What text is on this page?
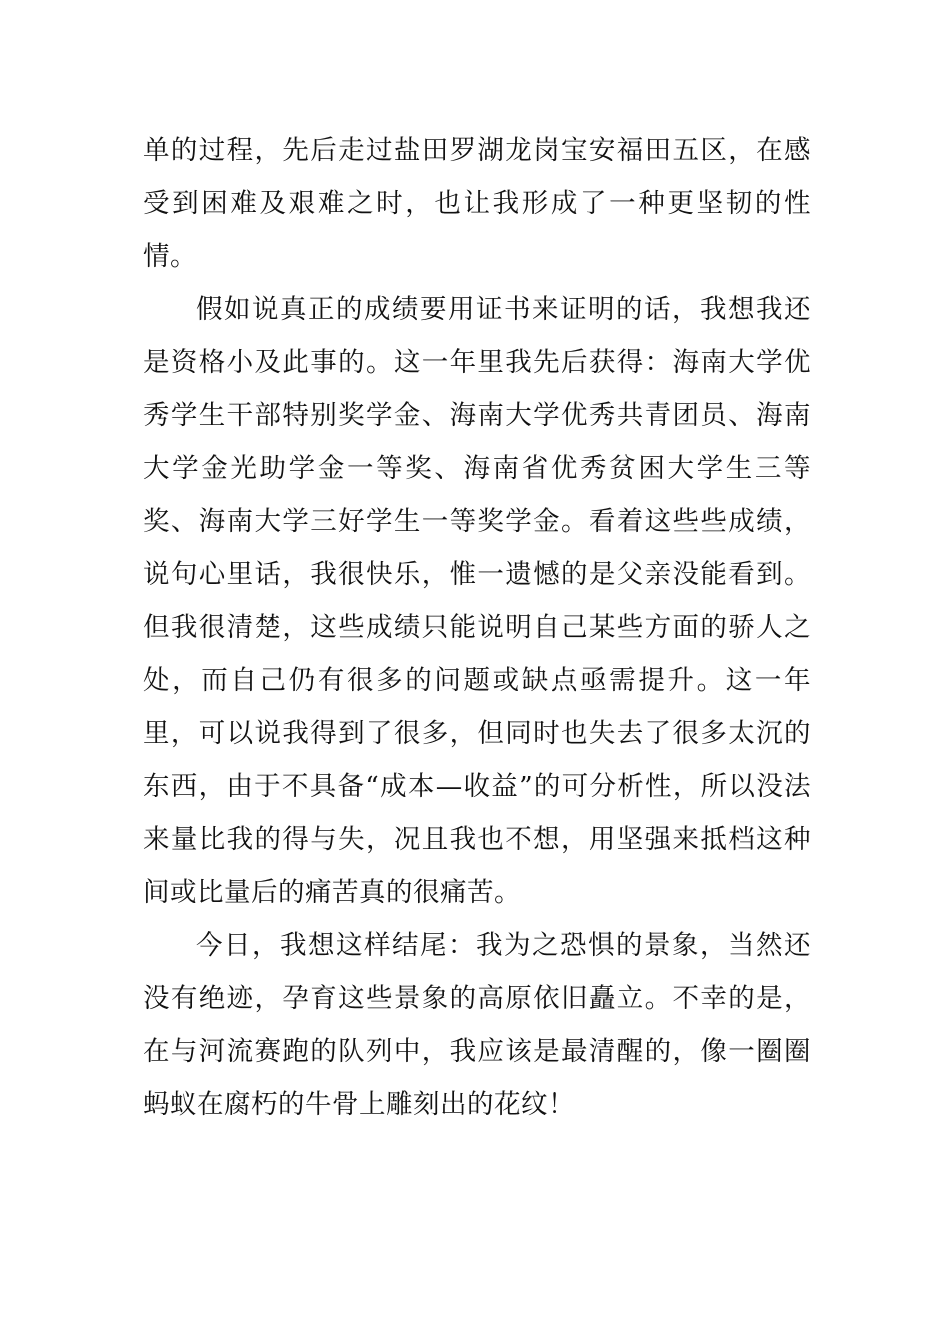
单的过程，先后走过盐田罗湖龙岗宝安福田五区，在感受到困难及艰难之时，也让我形成了一种更坚韧的性情。

假如说真正的成绩要用证书来证明的话，我想我还是资格小及此事的。这一年里我先后获得：海南大学优秀学生干部特别奖学金、海南大学优秀共青团员、海南大学金光助学金一等奖、海南省优秀贫困大学生三等奖、海南大学三好学生一等奖学金。看着这些些成绩，说句心里话，我很快乐，惟一遗憾的是父亲没能看到。但我很清楚，这些成绩只能说明自己某些方面的骄人之处，而自己仍有很多的问题或缺点亟需提升。这一年里，可以说我得到了很多，但同时也失去了很多太沉的东西，由于不具备“成本—收益”的可分析性，所以没法来量比我的得与失，况且我也不想，用坚强来抵档这种间或比量后的痛苦真的很痛苦。

今日，我想这样结尾：我为之恐惧的景象，当然还没有绝迹，孕育这些景象的高原依旧矗立。不幸的是，在与河流赛跑的队列中，我应该是最清醒的，像一圈圈蚂蚁在腐朽的牛骨上雕刻出的花纹！
